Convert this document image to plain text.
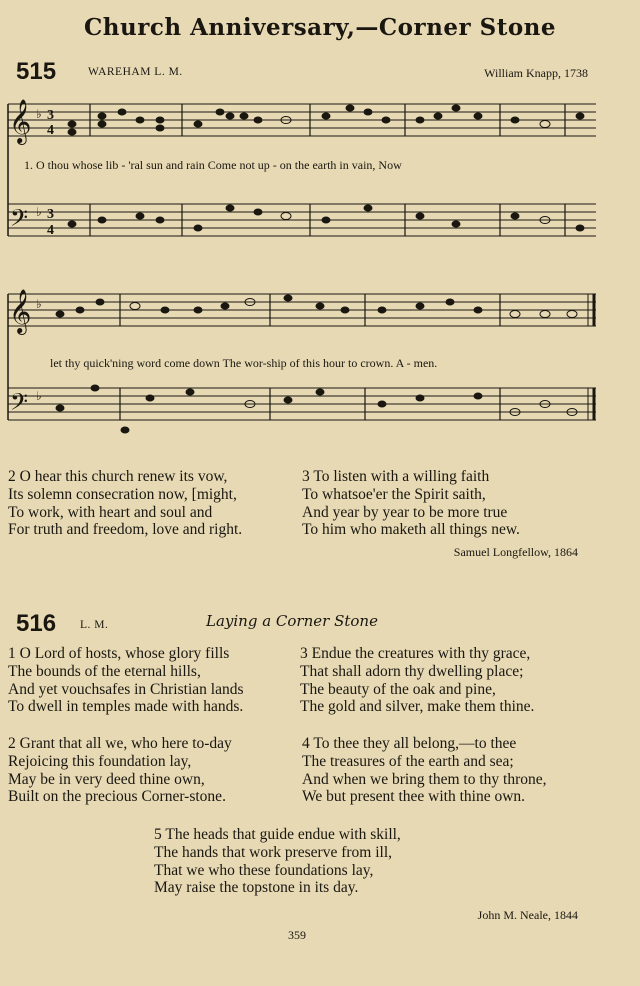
Church Anniversary,—Corner Stone
515	WAREHAM L. M.	William Knapp, 1738
𝄞
𝄢
♭
♭
3
4
3
4
1. O thou whose lib - 'ral sun and rain Come not up - on the earth in vain, Now
𝄞
𝄢
♭
♭
let thy quick'ning word come down The wor-ship of this hour to crown. A - men.
2 O hear this church renew its vow,
Its solemn consecration now, [might,
To work, with heart and soul and
For truth and freedom, love and right.
3 To listen with a willing faith
To whatsoe'er the Spirit saith,
And year by year to be more true
To him who maketh all things new.
Samuel Longfellow, 1864
516 L. M.	Laying a Corner Stone
1 O Lord of hosts, whose glory fills
The bounds of the eternal hills,
And yet vouchsafes in Christian lands
To dwell in temples made with hands.
3 Endue the creatures with thy grace,
That shall adorn thy dwelling place;
The beauty of the oak and pine,
The gold and silver, make them thine.
2 Grant that all we, who here to-day
Rejoicing this foundation lay,
May be in very deed thine own,
Built on the precious Corner-stone.
4 To thee they all belong,—to thee
The treasures of the earth and sea;
And when we bring them to thy throne,
We but present thee with thine own.
5 The heads that guide endue with skill,
The hands that work preserve from ill,
That we who these foundations lay,
May raise the topstone in its day.
John M. Neale, 1844
359
